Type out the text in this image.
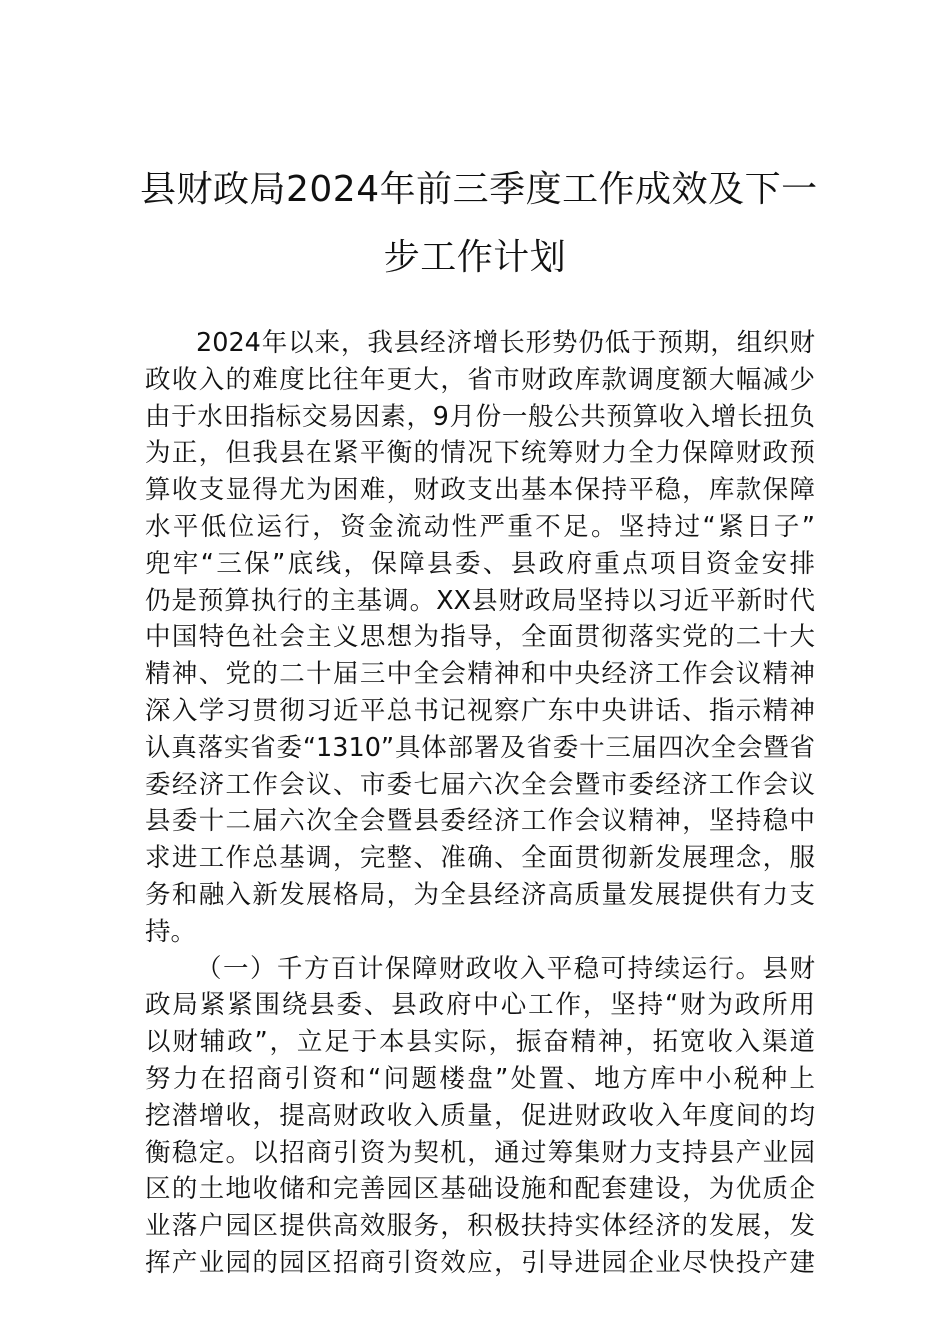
县财政局2024年前三季度工作成效及下一
步工作计划

2024年以来，我县经济增长形势仍低于预期，组织财
政收入的难度比往年更大，省市财政库款调度额大幅减少
由于水田指标交易因素，9月份一般公共预算收入增长扭负
为正，但我县在紧平衡的情况下统筹财力全力保障财政预
算收支显得尤为困难，财政支出基本保持平稳，库款保障
水平低位运行，资金流动性严重不足。坚持过“紧日子”
兜牢“三保”底线，保障县委、县政府重点项目资金安排
仍是预算执行的主基调。XX县财政局坚持以习近平新时代
中国特色社会主义思想为指导，全面贯彻落实党的二十大
精神、党的二十届三中全会精神和中央经济工作会议精神
深入学习贯彻习近平总书记视察广东中央讲话、指示精神
认真落实省委“1310”具体部署及省委十三届四次全会暨省
委经济工作会议、市委七届六次全会暨市委经济工作会议
县委十二届六次全会暨县委经济工作会议精神，坚持稳中
求进工作总基调，完整、准确、全面贯彻新发展理念，服
务和融入新发展格局，为全县经济高质量发展提供有力支
持。

（一）千方百计保障财政收入平稳可持续运行。县财
政局紧紧围绕县委、县政府中心工作，坚持“财为政所用
以财辅政”，立足于本县实际，振奋精神，拓宽收入渠道
努力在招商引资和“问题楼盘”处置、地方库中小税种上
挖潜增收，提高财政收入质量，促进财政收入年度间的均
衡稳定。以招商引资为契机，通过筹集财力支持县产业园
区的土地收储和完善园区基础设施和配套建设，为优质企
业落户园区提供高效服务，积极扶持实体经济的发展，发
挥产业园的园区招商引资效应，引导进园企业尽快投产建
